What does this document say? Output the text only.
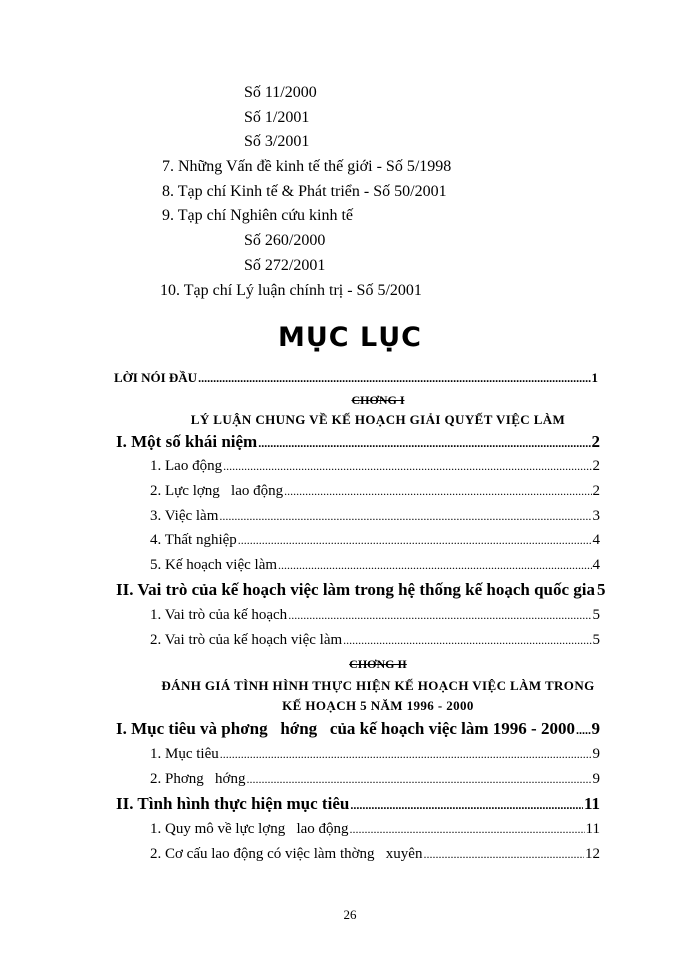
Số 11/2000
Số 1/2001
Số 3/2001
7. Những Vấn đề kinh tế thế giới - Số 5/1998
8. Tạp chí Kinh tế & Phát triển - Số 50/2001
9. Tạp chí Nghiên cứu kinh tế
Số 260/2000
Số 272/2001
10. Tạp chí Lý luận chính trị - Số 5/2001
MỤC LỤC
LỜI NÓI ĐẦU .....	1
CHƠNG I
LÝ LUẬN CHUNG VỀ KẾ HOẠCH GIẢI QUYẾT VIỆC LÀM
I. Một số khái niệm .....	2
1. Lao động .....	2
2. Lực lợng   lao động .....	2
3. Việc làm .....	3
4. Thất nghiệp .....	4
5. Kế hoạch việc làm .....	4
II. Vai trò của kế hoạch việc làm trong hệ thống kế hoạch quốc gia 5
1. Vai trò của kế hoạch .....	5
2. Vai trò của kế hoạch việc làm .....	5
CHƠNG II
ĐÁNH GIÁ TÌNH HÌNH THỰC HIỆN KẾ HOẠCH VIỆC LÀM TRONG
KẾ HOẠCH 5 NĂM 1996 - 2000
I. Mục tiêu và phơng   hớng   của kế hoạch việc làm 1996 - 2000 ..... 9
1. Mục tiêu .....	9
2. Phơng   hớng .....	9
II. Tình hình thực hiện mục tiêu .....	11
1. Quy mô về lực lợng   lao động .....	11
2. Cơ cấu lao động có việc làm thờng   xuyên .....	12
26
